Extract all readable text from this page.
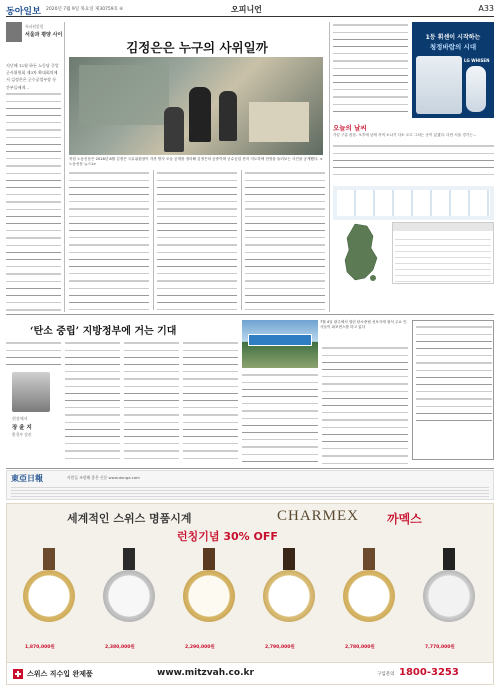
동아일보 2020년 7월 9일 목요일 제30759호 ⑥	오피니언	A33
특파원칼럼
서울과 평양 사이
김정은은 누구의 사위일까
지난해 12월 하든 노동당 중앙군사위원회 제3차 확대회의에서 김정은은 군수공업부장 등 간부들에게...
북한 노동신문은 2018년 8월 김정은 국무위원장이 각종 발사 모습 공개를 정리해 김정은의 공중이며 군수공업 현지 지도하에 현장을 둘러보는 사진을 공개했다. <노동신문 뉴스1>
1등 휘센이 시작하는
청정바람의 시대
LG WHISEN
오늘의 날씨
가끔 구름 많음. 오후에 낮에 지역 소나기 다소 오고 그치는 곳이 있겠다. 다만 서울 경기는...
‘탄소 중립’ 지방정부에 거는 기대
현장에서
장 윤 지
환경부 장관
7월 4일 광주에서 열린 탄소중립 선포식에 참석 주요 인사들이 퍼포먼스를 하고 있다
東亞日報	사람들 조합해 좋은 신문 www.donga.com
세계적인 스위스 명품시계	CHARMEX 까멕스
런칭기념 30% OFF
1,870,000원	2,380,000원	2,290,000원	2,790,000원	2,780,000원	7,770,000원
스위스 직수입 완제품	www.mitzvah.co.kr	구입문의 1800-3253
